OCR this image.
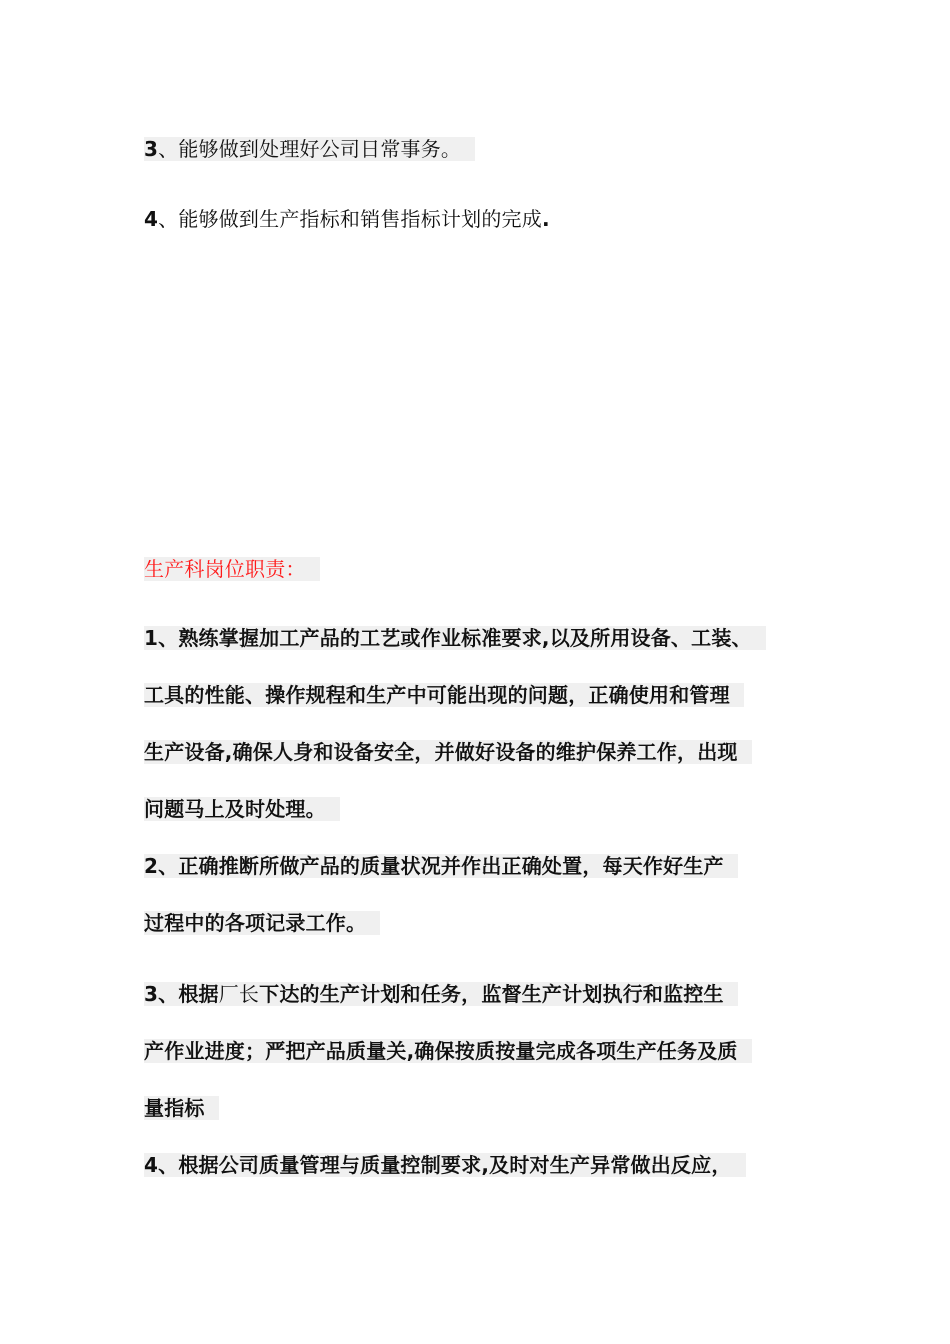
3、能够做到处理好公司日常事务。
4、能够做到生产指标和销售指标计划的完成.
生产科岗位职责：
1、熟练掌握加工产品的工艺或作业标准要求,以及所用设备、工装、
工具的性能、操作规程和生产中可能出现的问题，正确使用和管理
生产设备,确保人身和设备安全，并做好设备的维护保养工作，出现
问题马上及时处理。
2、正确推断所做产品的质量状况并作出正确处置，每天作好生产
过程中的各项记录工作。
3、根据厂长下达的生产计划和任务，监督生产计划执行和监控生
产作业进度；严把产品质量关,确保按质按量完成各项生产任务及质
量指标
4、根据公司质量管理与质量控制要求,及时对生产异常做出反应，
